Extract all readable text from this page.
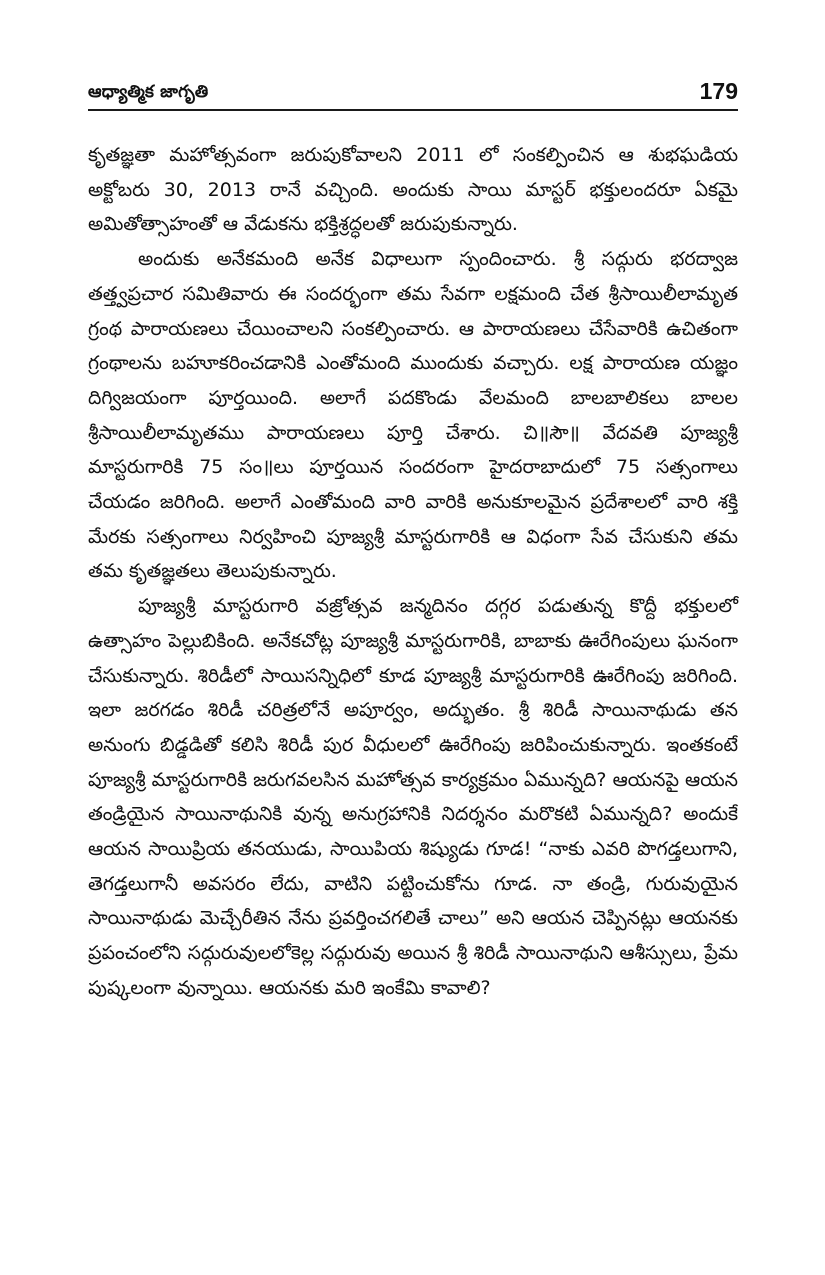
ఆధ్యాత్మిక జాగృతి	179

కృతజ్ఞతా మహోత్సవంగా జరుపుకోవాలని 2011 లో సంకల్పించిన ఆ శుభఘడియ అక్టోబరు 30, 2013 రానే వచ్చింది. అందుకు సాయి మాస్టర్ భక్తులందరూ ఏకమై అమితోత్సాహంతో ఆ వేడుకను భక్తిశ్రద్ధలతో జరుపుకున్నారు.

అందుకు అనేకమంది అనేక విధాలుగా స్పందించారు. శ్రీ సద్గురు భరద్వాజ తత్త్వప్రచార సమితివారు ఈ సందర్భంగా తమ సేవగా లక్షమంది చేత శ్రీసాయిలీలామృత గ్రంథ పారాయణలు చేయించాలని సంకల్పించారు. ఆ పారాయణలు చేసేవారికి ఉచితంగా గ్రంథాలను బహూకరించడానికి ఎంతోమంది ముందుకు వచ్చారు. లక్ష పారాయణ యజ్ఞం దిగ్విజయంగా పూర్తయింది. అలాగే పదకొండు వేలమంది బాలబాలికలు బాలల శ్రీసాయిలీలామృతము పారాయణలు పూర్తి చేశారు. చి॥సౌ॥ వేదవతి పూజ్యశ్రీ మాస్టరుగారికి 75 సం॥లు పూర్తయిన సందరంగా హైదరాబాదులో 75 సత్సంగాలు చేయడం జరిగింది. అలాగే ఎంతోమంది వారి వారికి అనుకూలమైన ప్రదేశాలలో వారి శక్తి మేరకు సత్సంగాలు నిర్వహించి పూజ్యశ్రీ మాస్టరుగారికి ఆ విధంగా సేవ చేసుకుని తమ తమ కృతజ్ఞతలు తెలుపుకున్నారు.

పూజ్యశ్రీ మాస్టరుగారి వజ్రోత్సవ జన్మదినం దగ్గర పడుతున్న కొద్దీ భక్తులలో ఉత్సాహం పెల్లుబికింది. అనేకచోట్ల పూజ్యశ్రీ మాస్టరుగారికి, బాబాకు ఊరేగింపులు ఘనంగా చేసుకున్నారు. శిరిడీలో సాయిసన్నిధిలో కూడ పూజ్యశ్రీ మాస్టరుగారికి ఊరేగింపు జరిగింది. ఇలా జరగడం శిరిడీ చరిత్రలోనే అపూర్వం, అద్భుతం. శ్రీ శిరిడీ సాయినాథుడు తన అనుంగు బిడ్డడితో కలిసి శిరిడీ పుర వీధులలో ఊరేగింపు జరిపించుకున్నారు. ఇంతకంటే పూజ్యశ్రీ మాస్టరుగారికి జరుగవలసిన మహోత్సవ కార్యక్రమం ఏమున్నది? ఆయనపై ఆయన తండ్రియైన సాయినాథునికి వున్న అనుగ్రహానికి నిదర్శనం మరొకటి ఏమున్నది? అందుకే ఆయన సాయిప్రియ తనయుడు, సాయిపియ శిష్యుడు గూడ! “నాకు ఎవరి పొగడ్తలుగాని, తెగడ్తలుగానీ అవసరం లేదు, వాటిని పట్టించుకోను గూడ. నా తండ్రి, గురువుయైన సాయినాథుడు మెచ్చేరీతిన నేను ప్రవర్తించగలితే చాలు” అని ఆయన చెప్పినట్లు ఆయనకు ప్రపంచంలోని సద్గురువులలోకెల్ల సద్గురువు అయిన శ్రీ శిరిడీ సాయినాథుని ఆశీస్సులు, ప్రేమ పుష్కలంగా వున్నాయి. ఆయనకు మరి ఇంకేమి కావాలి?
